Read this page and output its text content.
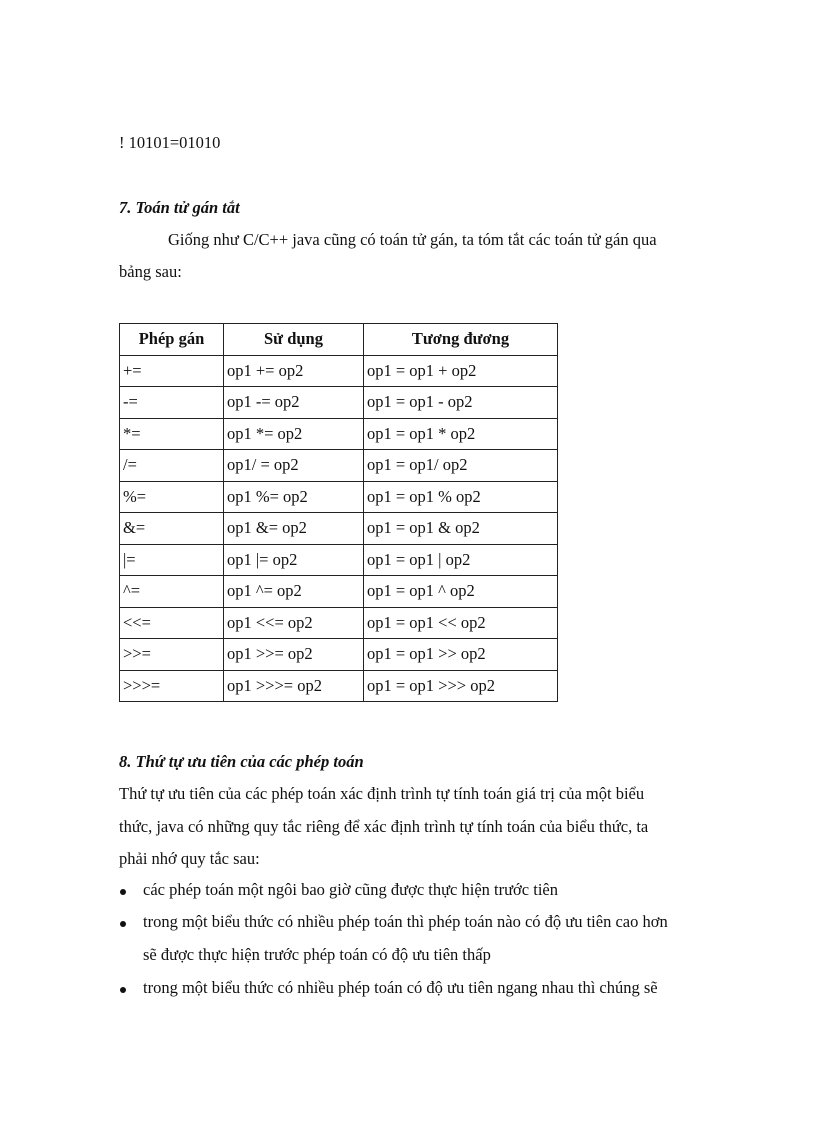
! 10101=01010
7. Toán tử gán tắt
Giống như C/C++ java cũng có toán tử gán, ta tóm tắt các toán tử gán qua
bảng sau:
Phép gán	Sử dụng	Tương đương
+=	op1 += op2	op1 = op1 + op2
-=	op1 -= op2	op1 = op1 - op2
*=	op1 *= op2	op1 = op1 * op2
/=	op1/ = op2	op1 = op1/ op2
%=	op1 %= op2	op1 = op1 % op2
&=	op1 &= op2	op1 = op1 & op2
|=	op1 |= op2	op1 = op1 | op2
^=	op1 ^= op2	op1 = op1 ^ op2
<<=	op1 <<= op2	op1 = op1 << op2
>>=	op1 >>= op2	op1 = op1 >> op2
>>>=	op1 >>>= op2	op1 = op1 >>> op2
8. Thứ tự ưu tiên của các phép toán
Thứ tự ưu tiên của các phép toán xác định trình tự tính toán giá trị của một biểu
thức, java có những quy tắc riêng để xác định trình tự tính toán của biểu thức, ta
phải nhớ quy tắc sau:
các phép toán một ngôi bao giờ cũng được thực hiện trước tiên
trong một biểu thức có nhiều phép toán thì phép toán nào có độ ưu tiên cao hơn
sẽ được thực hiện trước phép toán có độ ưu tiên thấp
trong một biểu thức có nhiều phép toán có độ ưu tiên ngang nhau thì chúng sẽ
